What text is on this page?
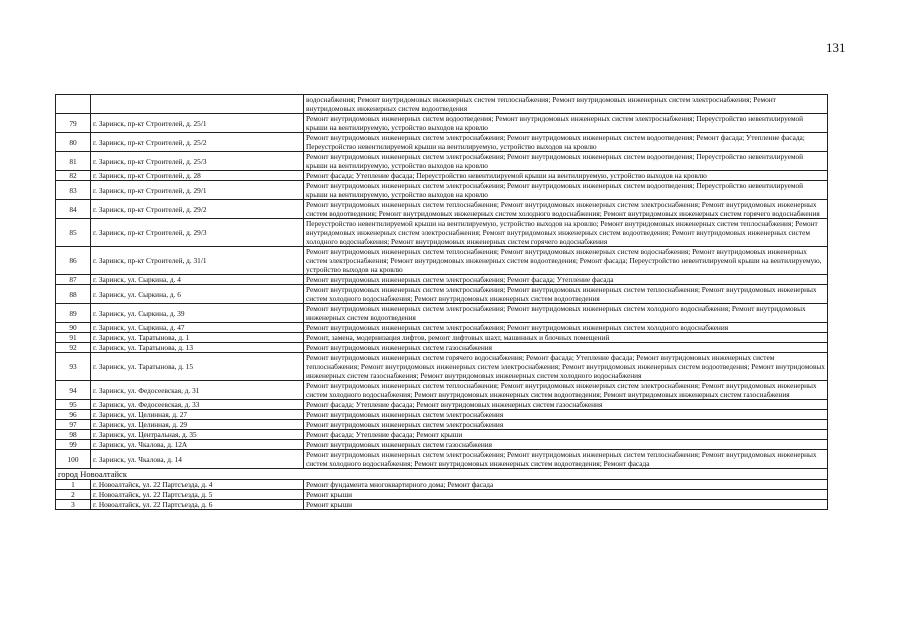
131
		водоснабжения; Ремонт внутридомовых инженерных систем теплоснабжения; Ремонт внутридомовых инженерных систем электроснабжения; Ремонт внутридомовых инженерных систем водоотведения
79	г. Заринск, пр-кт Строителей, д. 25/1	Ремонт внутридомовых инженерных систем водоотведения; Ремонт внутридомовых инженерных систем электроснабжения; Переустройство невентилируемой крыши на вентилируемую, устройство выходов на кровлю
80	г. Заринск, пр-кт Строителей, д. 25/2	Ремонт внутридомовых инженерных систем электроснабжения; Ремонт внутридомовых инженерных систем водоотведения; Ремонт фасада; Утепление фасада; Переустройство невентилируемой крыши на вентилируемую, устройство выходов на кровлю
81	г. Заринск, пр-кт Строителей, д. 25/3	Ремонт внутридомовых инженерных систем электроснабжения; Ремонт внутридомовых инженерных систем водоотведения; Переустройство невентилируемой крыши на вентилируемую, устройство выходов на кровлю
82	г. Заринск, пр-кт Строителей, д. 28	Ремонт фасада; Утепление фасада; Переустройство невентилируемой крыши на вентилируемую, устройство выходов на кровлю
83	г. Заринск, пр-кт Строителей, д. 29/1	Ремонт внутридомовых инженерных систем электроснабжения; Ремонт внутридомовых инженерных систем водоотведения; Переустройство невентилируемой крыши на вентилируемую, устройство выходов на кровлю
84	г. Заринск, пр-кт Строителей, д. 29/2	Ремонт внутридомовых инженерных систем теплоснабжения; Ремонт внутридомовых инженерных систем электроснабжения; Ремонт внутридомовых инженерных систем водоотведения; Ремонт внутридомовых инженерных систем холодного водоснабжения; Ремонт внутридомовых инженерных систем горячего водоснабжения
85	г. Заринск, пр-кт Строителей, д. 29/3	Переустройство невентилируемой крыши на вентилируемую, устройство выходов на кровлю; Ремонт внутридомовых инженерных систем теплоснабжения; Ремонт внутридомовых инженерных систем электроснабжения; Ремонт внутридомовых инженерных систем водоотведения; Ремонт внутридомовых инженерных систем холодного водоснабжения; Ремонт внутридомовых инженерных систем горячего водоснабжения
86	г. Заринск, пр-кт Строителей, д. 31/1	Ремонт внутридомовых инженерных систем теплоснабжения; Ремонт внутридомовых инженерных систем водоснабжения; Ремонт внутридомовых инженерных систем электроснабжения; Ремонт внутридомовых инженерных систем водоотведения; Ремонт фасада; Переустройство невентилируемой крыши на вентилируемую, устройство выходов на кровлю
87	г. Заринск, ул. Сыркина, д. 4	Ремонт внутридомовых инженерных систем электроснабжения; Ремонт фасада; Утепление фасада
88	г. Заринск, ул. Сыркина, д. 6	Ремонт внутридомовых инженерных систем электроснабжения; Ремонт внутридомовых инженерных систем теплоснабжения; Ремонт внутридомовых инженерных систем холодного водоснабжения; Ремонт внутридомовых инженерных систем водоотведения
89	г. Заринск, ул. Сыркина, д. 39	Ремонт внутридомовых инженерных систем электроснабжения; Ремонт внутридомовых инженерных систем холодного водоснабжения; Ремонт внутридомовых инженерных систем водоотведения
90	г. Заринск, ул. Сыркина, д. 47	Ремонт внутридомовых инженерных систем электроснабжения; Ремонт внутридомовых инженерных систем холодного водоснабжения
91	г. Заринск, ул. Таратынова, д. 1	Ремонт, замена, модернизация лифтов, ремонт лифтовых шахт, машинных и блочных помещений
92	г. Заринск, ул. Таратынова, д. 13	Ремонт внутридомовых инженерных систем газоснабжения
93	г. Заринск, ул. Таратынова, д. 15	Ремонт внутридомовых инженерных систем горячего водоснабжения; Ремонт фасада; Утепление фасада; Ремонт внутридомовых инженерных систем теплоснабжения; Ремонт внутридомовых инженерных систем электроснабжения; Ремонт внутридомовых инженерных систем водоотведения; Ремонт внутридомовых инженерных систем газоснабжения; Ремонт внутридомовых инженерных систем холодного водоснабжения
94	г. Заринск, ул. Федосеевская, д. 31	Ремонт внутридомовых инженерных систем теплоснабжения; Ремонт внутридомовых инженерных систем электроснабжения; Ремонт внутридомовых инженерных систем холодного водоснабжения; Ремонт внутридомовых инженерных систем водоотведения; Ремонт внутридомовых инженерных систем газоснабжения
95	г. Заринск, ул. Федосеевская, д. 33	Ремонт фасада; Утепление фасада; Ремонт внутридомовых инженерных систем газоснабжения
96	г. Заринск, ул. Целинная, д. 27	Ремонт внутридомовых инженерных систем электроснабжения
97	г. Заринск, ул. Целинная, д. 29	Ремонт внутридомовых инженерных систем электроснабжения
98	г. Заринск, ул. Центральная, д. 35	Ремонт фасада; Утепление фасада; Ремонт крыши
99	г. Заринск, ул. Чкалова, д. 12А	Ремонт внутридомовых инженерных систем газоснабжения
100	г. Заринск, ул. Чкалова, д. 14	Ремонт внутридомовых инженерных систем электроснабжения; Ремонт внутридомовых инженерных систем теплоснабжения; Ремонт внутридомовых инженерных систем холодного водоснабжения; Ремонт внутридомовых инженерных систем водоотведения; Ремонт фасада
город Новоалтайск		
1	г. Новоалтайск, ул. 22 Партсъезда, д. 4	Ремонт фундамента многоквартирного дома; Ремонт фасада
2	г. Новоалтайск, ул. 22 Партсъезда, д. 5	Ремонт крыши
3	г. Новоалтайск, ул. 22 Партсъезда, д. 6	Ремонт крыши
